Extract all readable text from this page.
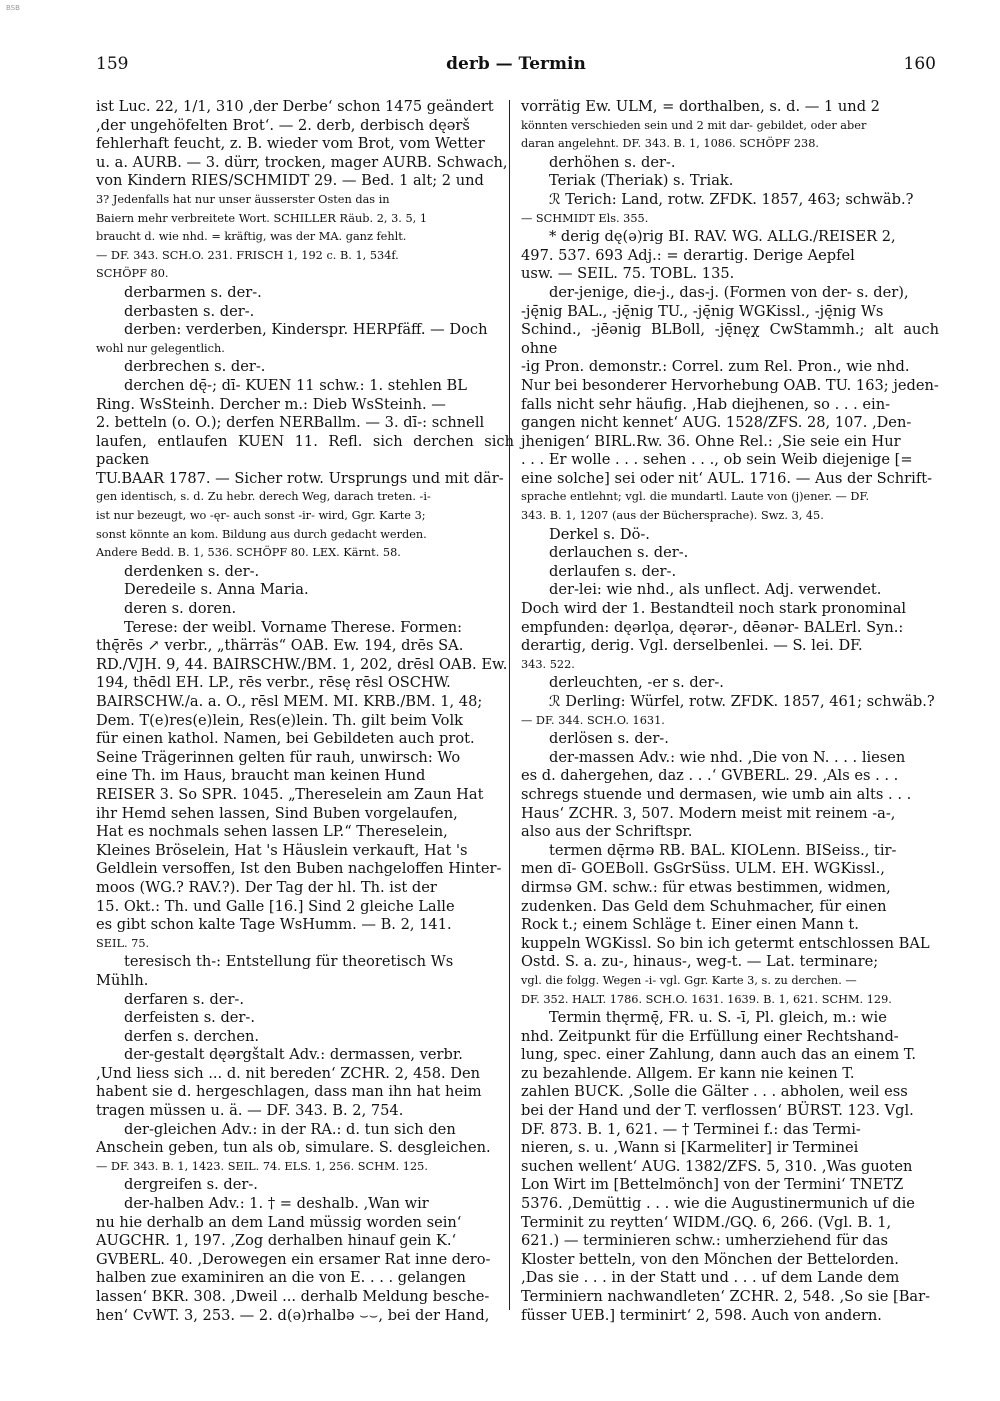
BSB
159	derb — Termin	160

ist Luc. 22, 1/1, 310 ‚der Derbe‘ schon 1475 geändert

‚der ungehöfelten Brot‘. — 2. derb, derbisch dęərš

fehlerhaft feucht, z. B. wieder vom Brot, vom Wetter

u. a. AURB. — 3. dürr, trocken, mager AURB. Schwach,

von Kindern RIES/SCHMIDT 29. — Bed. 1 alt; 2 und

3? Jedenfalls hat nur unser äusserster Osten das in

Baiern mehr verbreitete Wort. SCHILLER Räub. 2, 3. 5, 1

braucht d. wie nhd. = kräftig, was der MA. ganz fehlt.

— DF. 343. SCH.O. 231. FRISCH 1, 192 c. B. 1, 534f.

SCHÖPF 80.

derbarmen s. der-.

derbasten s. der-.

derben: verderben, Kinderspr. HERPfäff. — Doch

wohl nur gelegentlich.

derbrechen s. der-.

derchen dę̄-; dī- KUEN 11 schw.: 1. stehlen BL

Ring. WsSteinh. Dercher m.: Dieb WsSteinh. —

2. betteln (o. O.); derfen NERBallm. — 3. dī-: schnell

laufen, entlaufen KUEN 11. Refl. sich derchen sich packen

TU.BAAR 1787. — Sicher rotw. Ursprungs und mit där-

gen identisch, s. d. Zu hebr. derech Weg, darach treten. -i-

ist nur bezeugt, wo -ęr- auch sonst -ir- wird, Ggr. Karte 3;

sonst könnte an kom. Bildung aus durch gedacht werden.

Andere Bedd. B. 1, 536. SCHÖPF 80. LEX. Kärnt. 58.

derdenken s. der-.

Deredeile s. Anna Maria.

deren s. doren.

Terese: der weibl. Vorname Therese. Formen:

thę̄rēs ↗ verbr., „thärräs“ OAB. Ew. 194, drēs SA.

RD./VJH. 9, 44. BAIRSCHW./BM. 1, 202, drēsl OAB. Ew.

194, thēdl EH. LP., rēs verbr., rēsę rēsl OSCHW.

BAIRSCHW./a. a. O., rēsl MEM. MI. KRB./BM. 1, 48;

Dem. T(e)res(e)lein, Res(e)lein. Th. gilt beim Volk

für einen kathol. Namen, bei Gebildeten auch prot.

Seine Trägerinnen gelten für rauh, unwirsch: Wo

eine Th. im Haus, braucht man keinen Hund

REISER 3. So SPR. 1045. „Thereselein am Zaun Hat

ihr Hemd sehen lassen, Sind Buben vorgelaufen,

Hat es nochmals sehen lassen LP.“ Thereselein,

Kleines Bröselein, Hat 's Häuslein verkauft, Hat 's

Geldlein versoffen, Ist den Buben nachgeloffen Hinter-

moos (WG.? RAV.?). Der Tag der hl. Th. ist der

15. Okt.: Th. und Galle [16.] Sind 2 gleiche Lalle

es gibt schon kalte Tage WsHumm. — B. 2, 141.

SEIL. 75.

teresisch th-: Entstellung für theoretisch Ws

Mühlh.

derfaren s. der-.

derfeisten s. der-.

derfen s. derchen.

der-gestalt dęərgštalt Adv.: dermassen, verbr.

‚Und liess sich ... d. nit bereden‘ ZCHR. 2, 458. Den

habent sie d. hergeschlagen, dass man ihn hat heim

tragen müssen u. ä. — DF. 343. B. 2, 754.

der-gleichen Adv.: in der RA.: d. tun sich den

Anschein geben, tun als ob, simulare. S. desgleichen.

— DF. 343. B. 1, 1423. SEIL. 74. ELS. 1, 256. SCHM. 125.

dergreifen s. der-.

der-halben Adv.: 1. † = deshalb. ‚Wan wir

nu hie derhalb an dem Land müssig worden sein‘

AUGCHR. 1, 197. ‚Zog derhalben hinauf gein K.‘

GVBERL. 40. ‚Derowegen ein ersamer Rat inne dero-

halben zue examiniren an die von E. . . . gelangen

lassen‘ BKR. 308. ‚Dweil ... derhalb Meldung besche-

hen‘ CvWT. 3, 253. — 2. d(ə)rhalbə ⌣⌣, bei der Hand,

vorrätig Ew. ULM, = dorthalben, s. d. — 1 und 2

könnten verschieden sein und 2 mit dar- gebildet, oder aber

daran angelehnt. DF. 343. B. 1, 1086. SCHÖPF 238.

derhöhen s. der-.

Teriak (Theriak) s. Triak.

ℛ Terich: Land, rotw. ZFDK. 1857, 463; schwäb.?

— SCHMIDT Els. 355.

* derig dę(ə)rig BI. RAV. WG. ALLG./REISER 2,

497. 537. 693 Adj.: = derartig. Derige Aepfel

usw. — SEIL. 75. TOBL. 135.

der-jenige, die-j., das-j. (Formen von der- s. der),

-ję̄nig BAL., -ję̄nig TU., -ję̄nig WGKissl., -ję̄nig Ws

Schind., -jēənig BLBoll, -ję̄nęχ CwStammh.; alt auch ohne

-ig Pron. demonstr.: Correl. zum Rel. Pron., wie nhd.

Nur bei besonderer Hervorhebung OAB. TU. 163; jeden-

falls nicht sehr häufig. ‚Hab diejhenen, so . . . ein-

gangen nicht kennet‘ AUG. 1528/ZFS. 28, 107. ‚Den-

jhenigen‘ BIRL.Rw. 36. Ohne Rel.: ‚Sie seie ein Hur

. . . Er wolle . . . sehen . . ., ob sein Weib diejenige [=

eine solche] sei oder nit‘ AUL. 1716. — Aus der Schrift-

sprache entlehnt; vgl. die mundartl. Laute von (j)ener. — DF.

343. B. 1, 1207 (aus der Büchersprache). Swz. 3, 45.

Derkel s. Dö-.

derlauchen s. der-.

derlaufen s. der-.

der-lei: wie nhd., als unflect. Adj. verwendet.

Doch wird der 1. Bestandteil noch stark pronominal

empfunden: dęərlǫa, dęərər-, dēənər- BALErl. Syn.:

derartig, derig. Vgl. derselbenlei. — S. lei. DF.

343. 522.

derleuchten, -er s. der-.

ℛ Derling: Würfel, rotw. ZFDK. 1857, 461; schwäb.?

— DF. 344. SCH.O. 1631.

derlösen s. der-.

der-massen Adv.: wie nhd. ‚Die von N. . . . liesen

es d. dahergehen, daz . . .‘ GVBERL. 29. ‚Als es . . .

schregs stuende und dermasen, wie umb ain alts . . .

Haus‘ ZCHR. 3, 507. Modern meist mit reinem -a-,

also aus der Schriftspr.

termen dę̄rmə RB. BAL. KIOLenn. BISeiss., tir-

men dī- GOEBoll. GsGrSüss. ULM. EH. WGKissl.,

dirmsə GM. schw.: für etwas bestimmen, widmen,

zudenken. Das Geld dem Schuhmacher, für einen

Rock t.; einem Schläge t. Einer einen Mann t.

kuppeln WGKissl. So bin ich getermt entschlossen BAL

Ostd. S. a. zu-, hinaus-, weg-t. — Lat. terminare;

vgl. die folgg. Wegen -i- vgl. Ggr. Karte 3, s. zu derchen. —

DF. 352. HALT. 1786. SCH.O. 1631. 1639. B. 1, 621. SCHM. 129.

Termin thęrmę̄, FR. u. S. -ī, Pl. gleich, m.: wie

nhd. Zeitpunkt für die Erfüllung einer Rechtshand-

lung, spec. einer Zahlung, dann auch das an einem T.

zu bezahlende. Allgem. Er kann nie keinen T.

zahlen BUCK. ‚Solle die Gälter . . . abholen, weil ess

bei der Hand und der T. verflossen‘ BÜRST. 123. Vgl.

DF. 873. B. 1, 621. — † Terminei f.: das Termi-

nieren, s. u. ‚Wann si [Karmeliter] ir Terminei

suchen wellent‘ AUG. 1382/ZFS. 5, 310. ‚Was guoten

Lon Wirt im [Bettelmönch] von der Termini‘ TNETZ

5376. ‚Demüttig . . . wie die Augustinermunich uf die

Terminit zu reytten‘ WIDM./GQ. 6, 266. (Vgl. B. 1,

621.) — terminieren schw.: umherziehend für das

Kloster betteln, von den Mönchen der Bettelorden.

‚Das sie . . . in der Statt und . . . uf dem Lande dem

Terminiern nachwandleten‘ ZCHR. 2, 548. ‚So sie [Bar-

füsser UEB.] terminirt‘ 2, 598. Auch von andern.
